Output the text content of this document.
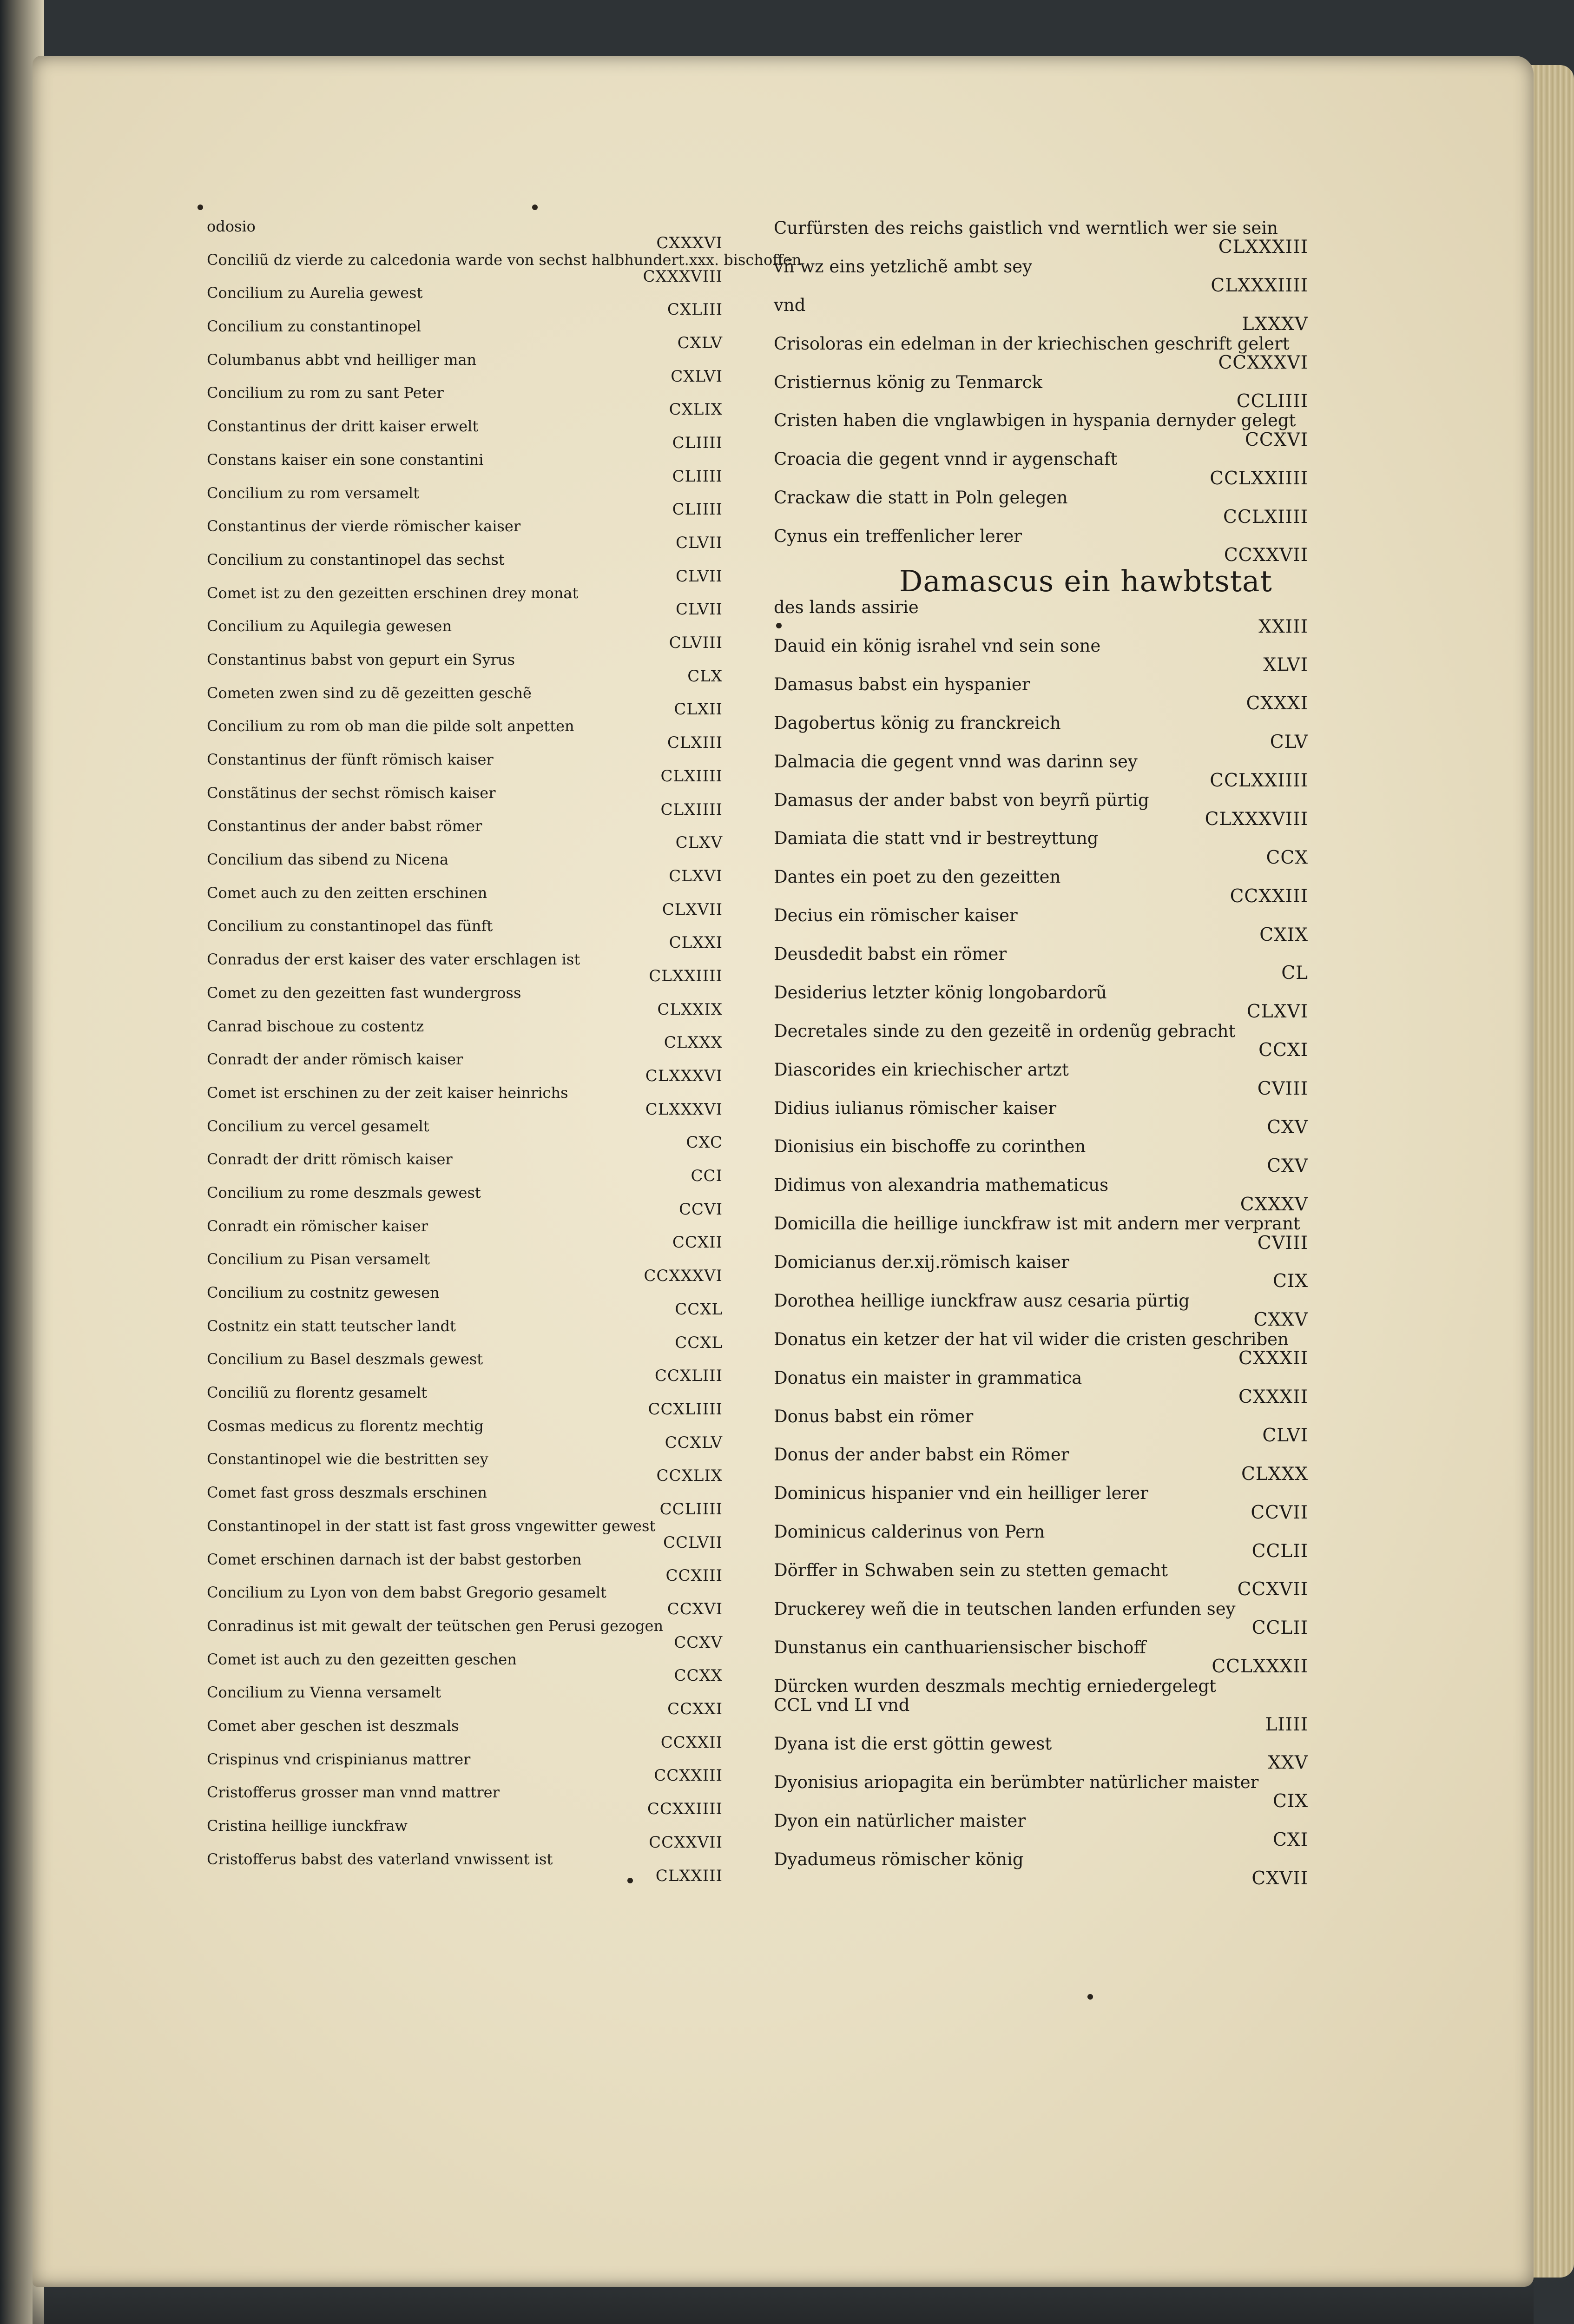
odosio
CXXXVI
Conciliũ dz vierde zu calcedonia warde von sechst halbhundert.xxx. bischoffen
CXXXVIII
Concilium zu Aurelia gewest
CXLIII
Concilium zu constantinopel
CXLV
Columbanus abbt vnd heilliger man
CXLVI
Concilium zu rom zu sant Peter
CXLIX
Constantinus der dritt kaiser erwelt
CLIIII
Constans kaiser ein sone constantini
CLIIII
Concilium zu rom versamelt
CLIIII
Constantinus der vierde römischer kaiser
CLVII
Concilium zu constantinopel das sechst
CLVII
Comet ist zu den gezeitten erschinen drey monat
CLVII
Concilium zu Aquilegia gewesen
CLVIII
Constantinus babst von gepurt ein Syrus
CLX
Cometen zwen sind zu dẽ gezeitten geschẽ
CLXII
Concilium zu rom ob man die pilde solt anpetten
CLXIII
Constantinus der fünft römisch kaiser
CLXIIII
Constãtinus der sechst römisch kaiser
CLXIIII
Constantinus der ander babst römer
CLXV
Concilium das sibend zu Nicena
CLXVI
Comet auch zu den zeitten erschinen
CLXVII
Concilium zu constantinopel das fünft
CLXXI
Conradus der erst kaiser des vater erschlagen ist
CLXXIIII
Comet zu den gezeitten fast wundergross
CLXXIX
Canrad bischoue zu costentz
CLXXX
Conradt der ander römisch kaiser
CLXXXVI
Comet ist erschinen zu der zeit kaiser heinrichs
CLXXXVI
Concilium zu vercel gesamelt
CXC
Conradt der dritt römisch kaiser
CCI
Concilium zu rome deszmals gewest
CCVI
Conradt ein römischer kaiser
CCXII
Concilium zu Pisan versamelt
CCXXXVI
Concilium zu costnitz gewesen
CCXL
Costnitz ein statt teutscher landt
CCXL
Concilium zu Basel deszmals gewest
CCXLIII
Conciliũ zu florentz gesamelt
CCXLIIII
Cosmas medicus zu florentz mechtig
CCXLV
Constantinopel wie die bestritten sey
CCXLIX
Comet fast gross deszmals erschinen
CCLIIII
Constantinopel in der statt ist fast gross vngewitter gewest
CCLVII
Comet erschinen darnach ist der babst gestorben
CCXIII
Concilium zu Lyon von dem babst Gregorio gesamelt
CCXVI
Conradinus ist mit gewalt der teütschen gen Perusi gezogen
CCXV
Comet ist auch zu den gezeitten geschen
CCXX
Concilium zu Vienna versamelt
CCXXI
Comet aber geschen ist deszmals
CCXXII
Crispinus vnd crispinianus mattrer
CCXXIII
Cristofferus grosser man vnnd mattrer
CCXXIIII
Cristina heillige iunckfraw
CCXXVII
Cristofferus babst des vaterland vnwissent ist
CLXXIII
Curfürsten des reichs gaistlich vnd werntlich wer sie sein
CLXXXIII
vñ wz eins yetzlichẽ ambt sey
CLXXXIIII
vnd
LXXXV
Crisoloras ein edelman in der kriechischen geschrift gelert
CCXXXVI
Cristiernus könig zu Tenmarck
CCLIIII
Cristen haben die vnglawbigen in hyspania dernyder gelegt
CCXVI
Croacia die gegent vnnd ir aygenschaft
CCLXXIIII
Crackaw die statt in Poln gelegen
CCLXIIII
Cynus ein treffenlicher lerer
CCXXVII
Damascus ein hawbtstat
des lands assirie
XXIII
Dauid ein könig israhel vnd sein sone
XLVI
Damasus babst ein hyspanier
CXXXI
Dagobertus könig zu franckreich
CLV
Dalmacia die gegent vnnd was darinn sey
CCLXXIIII
Damasus der ander babst von beyrñ pürtig
CLXXXVIII
Damiata die statt vnd ir bestreyttung
CCX
Dantes ein poet zu den gezeitten
CCXXIII
Decius ein römischer kaiser
CXIX
Deusdedit babst ein römer
CL
Desiderius letzter könig longobardorũ
CLXVI
Decretales sinde zu den gezeitẽ in ordenũg gebracht
CCXI
Diascorides ein kriechischer artzt
CVIII
Didius iulianus römischer kaiser
CXV
Dionisius ein bischoffe zu corinthen
CXV
Didimus von alexandria mathematicus
CXXXV
Domicilla die heillige iunckfraw ist mit andern mer verprant
CVIII
Domicianus der.xij.römisch kaiser
CIX
Dorothea heillige iunckfraw ausz cesaria pürtig
CXXV
Donatus ein ketzer der hat vil wider die cristen geschriben
CXXXII
Donatus ein maister in grammatica
CXXXII
Donus babst ein römer
CLVI
Donus der ander babst ein Römer
CLXXX
Dominicus hispanier vnd ein heilliger lerer
CCVII
Dominicus calderinus von Pern
CCLII
Dörffer in Schwaben sein zu stetten gemacht
CCXVII
Druckerey weñ die in teutschen landen erfunden sey
CCLII
Dunstanus ein canthuariensischer bischoff
CCLXXXII
Dürcken wurden deszmals mechtig erniedergelegt
CCL vnd LI vnd
LIIII
Dyana ist die erst göttin gewest
XXV
Dyonisius ariopagita ein berümbter natürlicher maister
CIX
Dyon ein natürlicher maister
CXI
Dyadumeus römischer könig
CXVII
